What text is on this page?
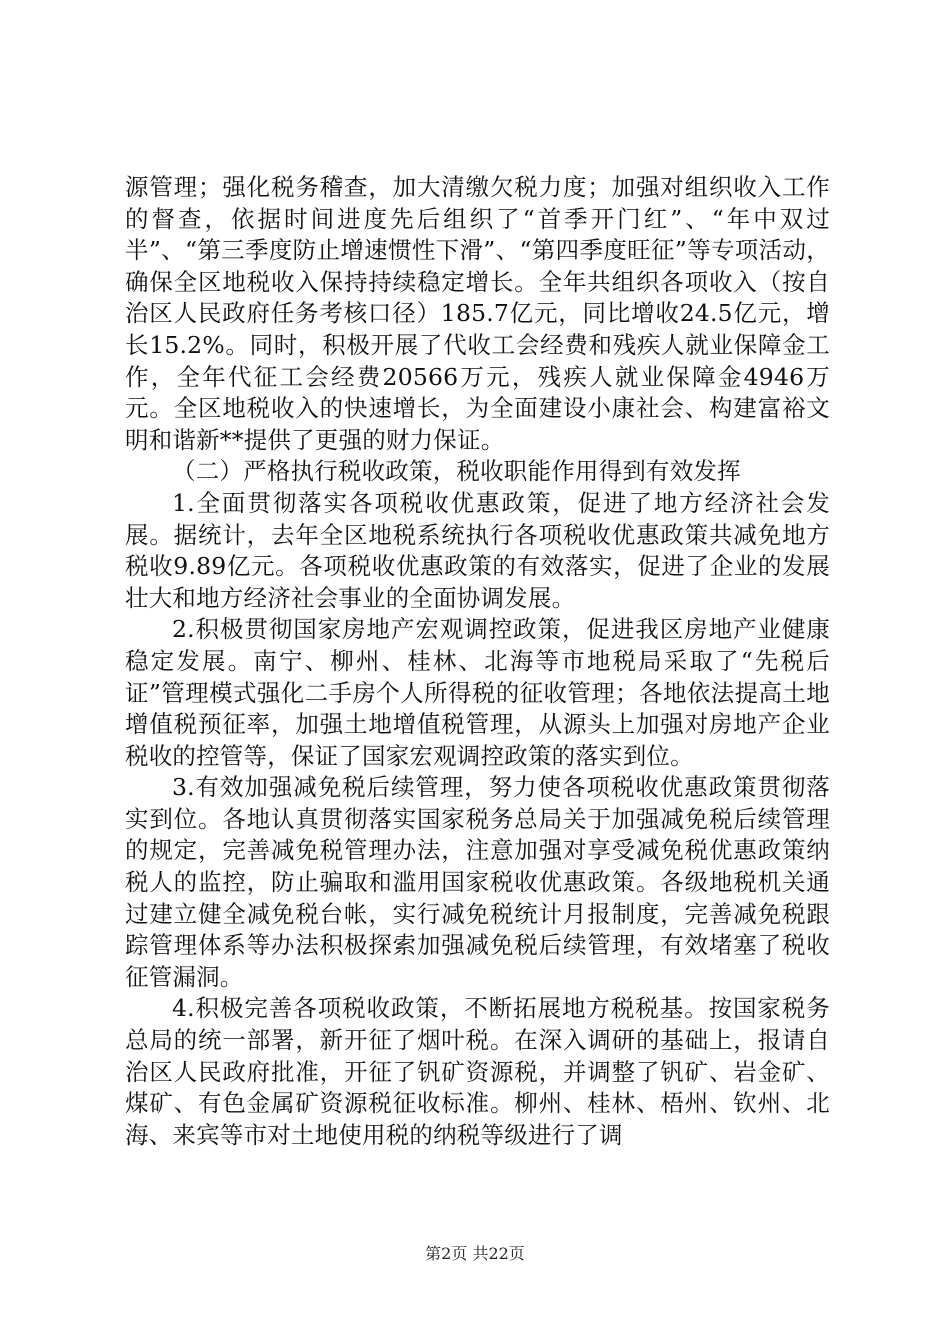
源管理；强化税务稽查，加大清缴欠税力度；加强对组织收入工作的督查，依据时间进度先后组织了“首季开门红”、“年中双过半”、“第三季度防止增速惯性下滑”、“第四季度旺征”等专项活动，确保全区地税收入保持持续稳定增长。全年共组织各项收入（按自治区人民政府任务考核口径）185.7亿元，同比增收24.5亿元，增长15.2%。同时，积极开展了代收工会经费和残疾人就业保障金工作，全年代征工会经费20566万元，残疾人就业保障金4946万元。全区地税收入的快速增长，为全面建设小康社会、构建富裕文明和谐新**提供了更强的财力保证。

（二）严格执行税收政策，税收职能作用得到有效发挥

1.全面贯彻落实各项税收优惠政策，促进了地方经济社会发展。据统计，去年全区地税系统执行各项税收优惠政策共减免地方税收9.89亿元。各项税收优惠政策的有效落实，促进了企业的发展壮大和地方经济社会事业的全面协调发展。

2.积极贯彻国家房地产宏观调控政策，促进我区房地产业健康稳定发展。南宁、柳州、桂林、北海等市地税局采取了“先税后证”管理模式强化二手房个人所得税的征收管理；各地依法提高土地增值税预征率，加强土地增值税管理，从源头上加强对房地产企业税收的控管等，保证了国家宏观调控政策的落实到位。

3.有效加强减免税后续管理，努力使各项税收优惠政策贯彻落实到位。各地认真贯彻落实国家税务总局关于加强减免税后续管理的规定，完善减免税管理办法，注意加强对享受减免税优惠政策纳税人的监控，防止骗取和滥用国家税收优惠政策。各级地税机关通过建立健全减免税台帐，实行减免税统计月报制度，完善减免税跟踪管理体系等办法积极探索加强减免税后续管理，有效堵塞了税收征管漏洞。

4.积极完善各项税收政策，不断拓展地方税税基。按国家税务总局的统一部署，新开征了烟叶税。在深入调研的基础上，报请自治区人民政府批准，开征了钒矿资源税，并调整了钒矿、岩金矿、煤矿、有色金属矿资源税征收标准。柳州、桂林、梧州、钦州、北海、来宾等市对土地使用税的纳税等级进行了调

第2页 共22页
